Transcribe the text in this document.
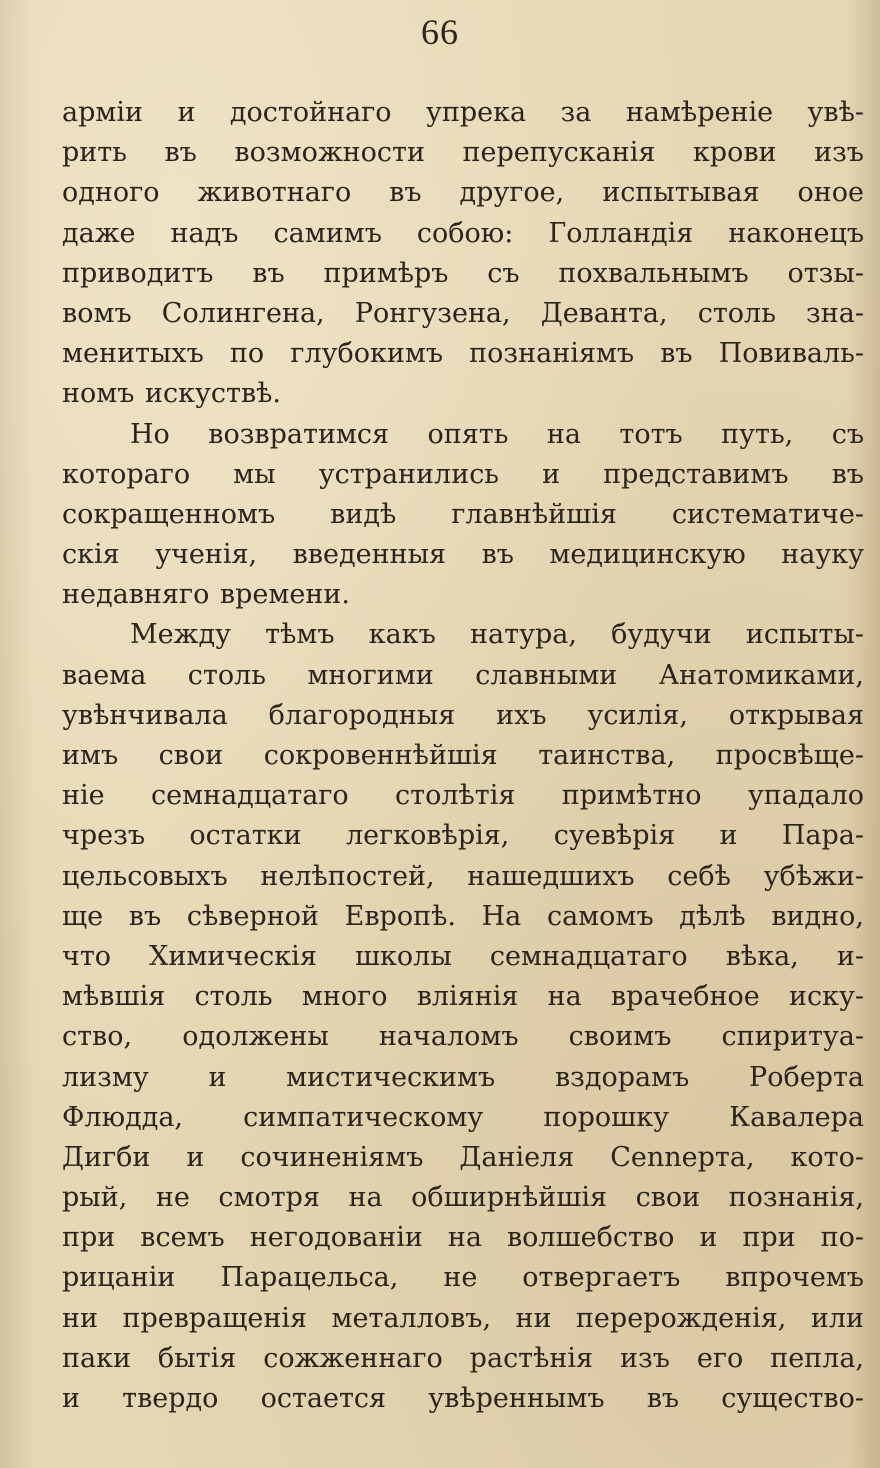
66
арміи и достойнаго упрека за намѣреніе увѣ-
рить въ возможности перепусканія крови изъ
одного животнаго въ другое, испытывая оное
даже надъ самимъ собою: Голландія наконецъ
приводитъ въ примѣръ съ похвальнымъ отзы-
вомъ Солингена, Ронгузена, Деванта, столь зна-
менитыхъ по глубокимъ познаніямъ въ Повиваль-
номъ искуствѣ.
Но возвратимся опять на тотъ путь, съ
котораго мы устранились и представимъ въ
сокращенномъ видѣ главнѣйшія систематиче-
скія ученія, введенныя въ медицинскую науку
недавняго времени.
Между тѣмъ какъ натура, будучи испыты-
ваема столь многими славными Анатомиками,
увѣнчивала благородныя ихъ усилія, открывая
имъ свои сокровеннѣйшія таинства, просвѣще-
ніе семнадцатаго столѣтія примѣтно упадало
чрезъ остатки легковѣрія, суевѣрія и Пара-
цельсовыхъ нелѣпостей, нашедшихъ себѣ убѣжи-
ще въ сѣверной Европѣ. На самомъ дѣлѣ видно,
что Химическія школы семнадцатаго вѣка, и-
мѣвшія столь много вліянія на врачебное иску-
ство, одолжены началомъ своимъ спиритуа-
лизму и мистическимъ вздорамъ Роберта
Флюдда, симпатическому порошку Кавалера
Дигби и сочиненіямъ Даніеля Сennерта, кото-
рый, не смотря на обширнѣйшія свои познанія,
при всемъ негодованіи на волшебство и при по-
рицаніи Парацельса, не отвергаетъ впрочемъ
ни превращенія металловъ, ни перерожденія, или
паки бытія сожженнаго растѣнія изъ его пепла,
и твердо остается увѣреннымъ въ существо-
